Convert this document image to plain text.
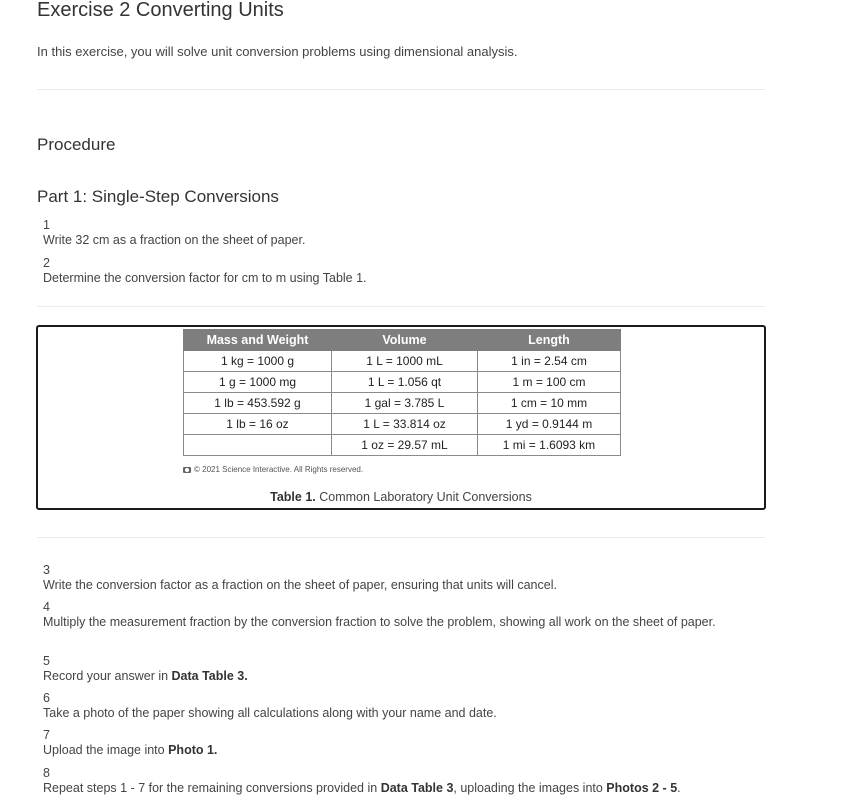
Exercise 2 Converting Units
In this exercise, you will solve unit conversion problems using dimensional analysis.
Procedure
Part 1: Single-Step Conversions
1Write 32 cm as a fraction on the sheet of paper.
2Determine the conversion factor for cm to m using Table 1.
Mass and Weight	Volume	Length
1 kg = 1000 g	1 L = 1000 mL	1 in = 2.54 cm
1 g = 1000 mg	1 L = 1.056 qt	1 m = 100 cm
1 lb = 453.592 g	1 gal = 3.785 L	1 cm = 10 mm
1 lb = 16 oz	1 L = 33.814 oz	1 yd = 0.9144 m
	1 oz = 29.57 mL	1 mi = 1.6093 km
© 2021 Science Interactive. All Rights reserved.
Table 1. Common Laboratory Unit Conversions
3Write the conversion factor as a fraction on the sheet of paper, ensuring that units will cancel.
4Multiply the measurement fraction by the conversion fraction to solve the problem, showing all work on the sheet of paper.
5Record your answer in Data Table 3.
6Take a photo of the paper showing all calculations along with your name and date.
7Upload the image into Photo 1.
8Repeat steps 1 - 7 for the remaining conversions provided in Data Table 3, uploading the images into Photos 2 - 5.
